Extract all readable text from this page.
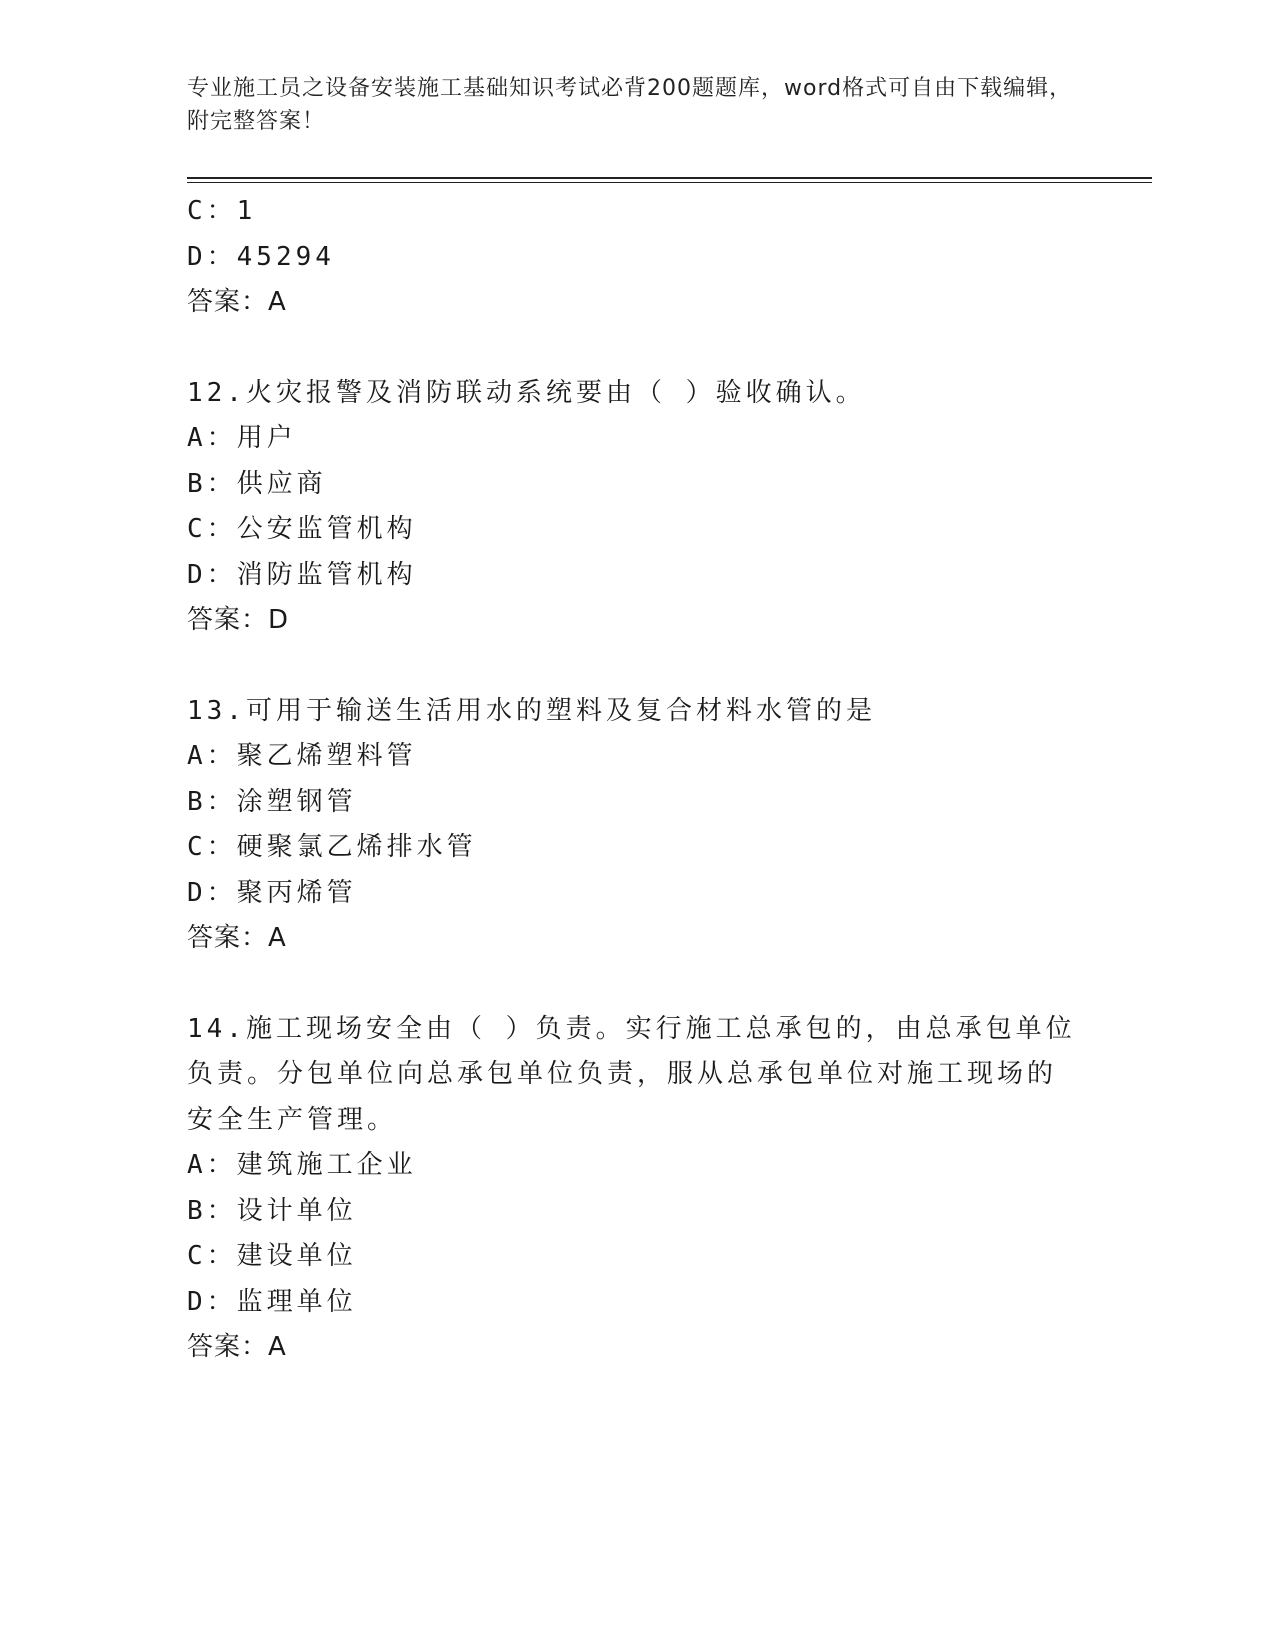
专业施工员之设备安装施工基础知识考试必背200题题库，word格式可自由下载编辑，附完整答案！
C：1
D：45294
答案：A

12.火灾报警及消防联动系统要由（ ）验收确认。

A：用户
B：供应商
C：公安监管机构
D：消防监管机构
答案：D

13.可用于输送生活用水的塑料及复合材料水管的是

A：聚乙烯塑料管
B：涂塑钢管
C：硬聚氯乙烯排水管
D：聚丙烯管
答案：A

14.施工现场安全由（ ）负责。实行施工总承包的，由总承包单位负责。分包单位向总承包单位负责，服从总承包单位对施工现场的安全生产管理。

A：建筑施工企业
B：设计单位
C：建设单位
D：监理单位
答案：A
